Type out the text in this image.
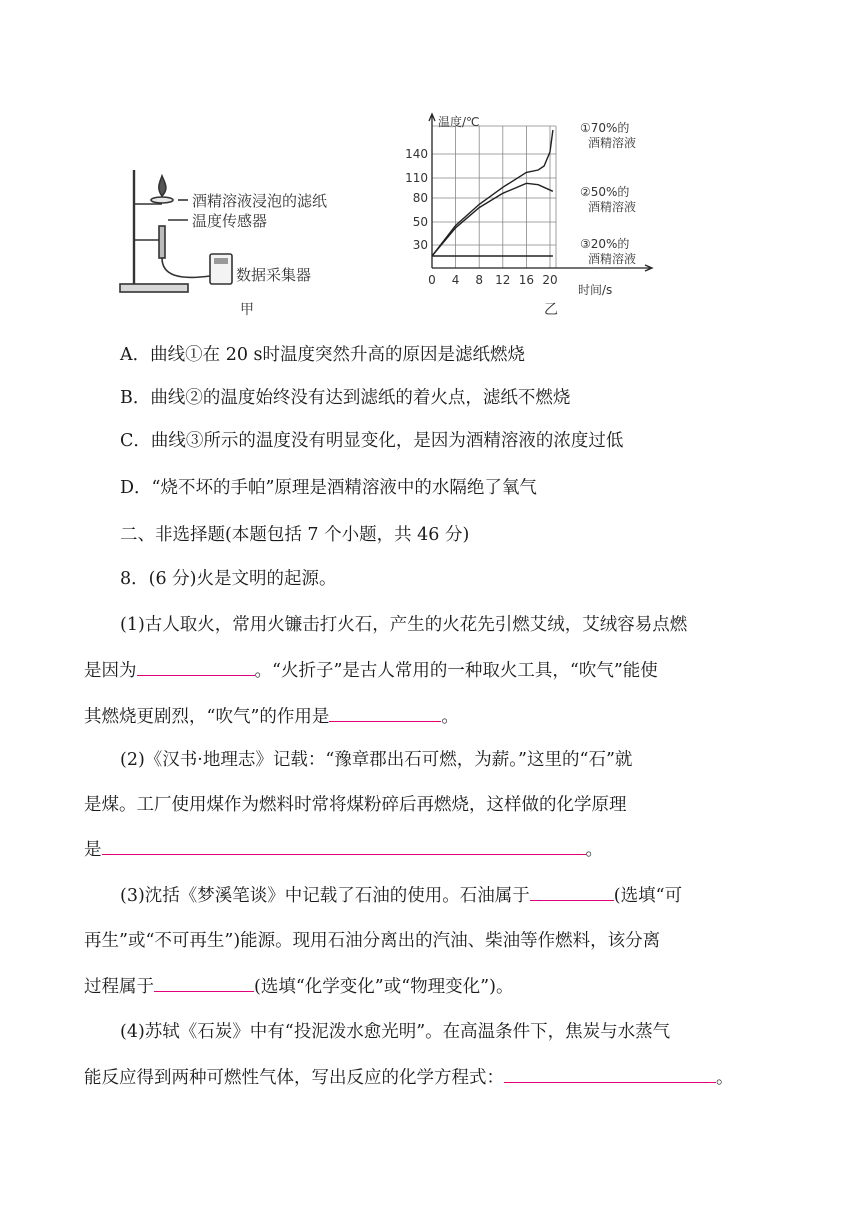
酒精溶液浸泡的滤纸
温度传感器
数据采集器
甲
0 4 8 12 16 20
30
50
80
110
140
温度/℃
时间/s
①70%的
酒精溶液
②50%的
酒精溶液
③20%的
酒精溶液
乙
A．曲线①在 20 s时温度突然升高的原因是滤纸燃烧
B．曲线②的温度始终没有达到滤纸的着火点，滤纸不燃烧
C．曲线③所示的温度没有明显变化，是因为酒精溶液的浓度过低
D．“烧不坏的手帕”原理是酒精溶液中的水隔绝了氧气
二、非选择题(本题包括 7 个小题，共 46 分)
8．(6 分)火是文明的起源。
(1)古人取火，常用火镰击打火石，产生的火花先引燃艾绒，艾绒容易点燃
是因为	。“火折子”是古人常用的一种取火工具，“吹气”能使
其燃烧更剧烈，“吹气”的作用是	。
(2)《汉书·地理志》记载：“豫章郡出石可燃，为薪。”这里的“石”就
是煤。工厂使用煤作为燃料时常将煤粉碎后再燃烧，这样做的化学原理
是	。
(3)沈括《梦溪笔谈》中记载了石油的使用。石油属于	(选填“可
再生”或“不可再生”)能源。现用石油分离出的汽油、柴油等作燃料，该分离
过程属于	(选填“化学变化”或“物理变化”)。
(4)苏轼《石炭》中有“投泥泼水愈光明”。在高温条件下，焦炭与水蒸气
能反应得到两种可燃性气体，写出反应的化学方程式：	。
